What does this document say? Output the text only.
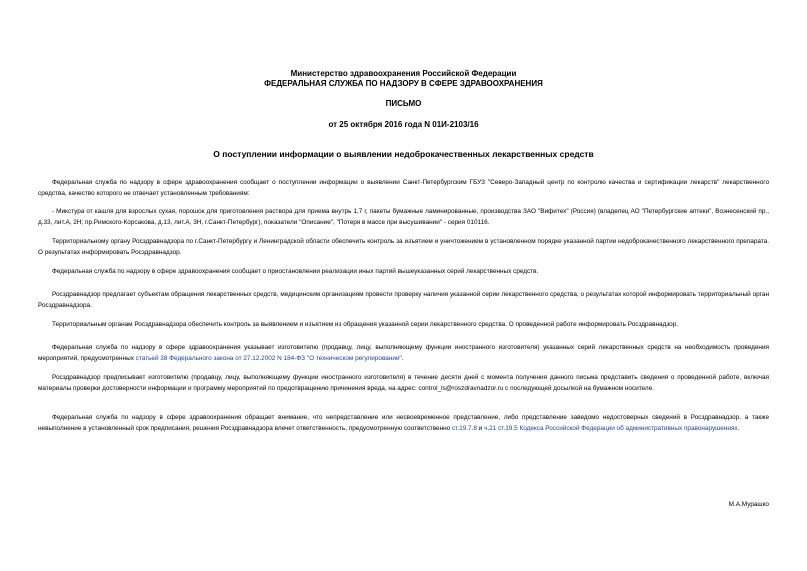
Министерство здравоохранения Российской Федерации
ФЕДЕРАЛЬНАЯ СЛУЖБА ПО НАДЗОРУ В СФЕРЕ ЗДРАВООХРАНЕНИЯ
ПИСЬМО
от 25 октября 2016 года N 01И-2103/16
О поступлении информации о выявлении недоброкачественных лекарственных средств
Федеральная служба по надзору в сфере здравоохранения сообщает о поступлении информации о выявлении Санкт-Петербургским ГБУЗ "Северо-Западный центр по контролю качества и сертификации лекарств" лекарственного средства, качество которого не отвечает установленным требованиям:
- Микстура от кашля для взрослых сухая, порошок для приготовления раствора для приема внутрь 1,7 г, пакеты бумажные ламинированные, производства ЗАО "Вифитех" (Россия) (владелец АО "Петербургские аптеки", Вознесенский пр., д.33, лит.А, 2Н; пр.Римского-Корсакова, д.13, лит.А, 3Н, г.Санкт-Петербург), показатели "Описание", "Потеря в массе при высушивании" - серия 010116.
Территориальному органу Росздравнадзора по г.Санкт-Петербургу и Ленинградской области обеспечить контроль за изъятием и уничтожением в установленном порядке указанной партии недоброкачественного лекарственного препарата. О результатах информировать Росздравнадзор.
Федеральная служба по надзору в сфере здравоохранения сообщает о приостановлении реализации иных партий вышеуказанных серий лекарственных средств.
Росздравнадзор предлагает субъектам обращения лекарственных средств, медицинским организациям провести проверку наличия указанной серии лекарственного средства, о результатах которой информировать территориальный орган Росздравнадзора.
Территориальным органам Росздравнадзора обеспечить контроль за выявлением и изъятием из обращения указанной серии лекарственного средства. О проведенной работе информировать Росздравнадзор.
Федеральная служба по надзору в сфере здравоохранения указывает изготовителю (продавцу, лицу, выполняющему функции иностранного изготовителя) указанных серий лекарственных средств на необходимость проведения мероприятий, предусмотренных статьей 38 Федерального закона от 27.12.2002 N 184-ФЗ "О техническом регулировании".
Росздравнадзор предписывает изготовителю (продавцу, лицу, выполняющему функции иностранного изготовителя) в течение десяти дней с момента получения данного письма представить сведения о проведенной работе, включая материалы проверки достоверности информации и программу мероприятий по предотвращению причинения вреда, на адрес: control_ls@roszdravnadzor.ru с последующей досылкой на бумажном носителе.
Федеральная служба по надзору в сфере здравоохранения обращает внимание, что непредставление или несвоевременное представление, либо представление заведомо недостоверных сведений в Росздравнадзор, а также невыполнение в установленный срок предписания, решения Росздравнадзора влечет ответственность, предусмотренную соответственно ст.19.7.8 и ч.21 ст.19.5 Кодекса Российской Федерации об административных правонарушениях.
М.А.Мурашко
